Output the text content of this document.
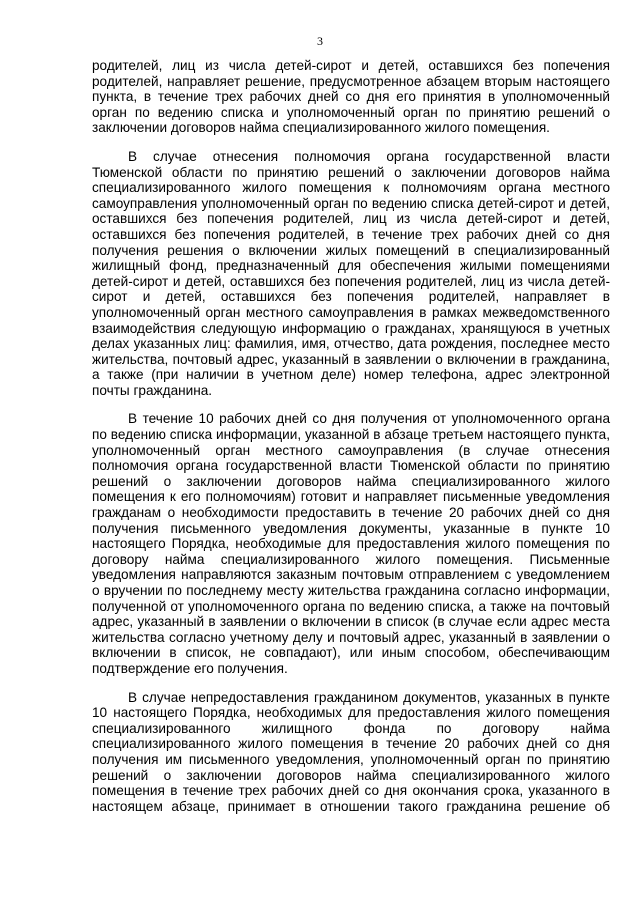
3

родителей, лиц из числа детей-сирот и детей, оставшихся без попечения родителей, направляет решение, предусмотренное абзацем вторым настоящего пункта, в течение трех рабочих дней со дня его принятия в уполномоченный орган по ведению списка и уполномоченный орган по принятию решений о заключении договоров найма специализированного жилого помещения.

В случае отнесения полномочия органа государственной власти Тюменской области по принятию решений о заключении договоров найма специализированного жилого помещения к полномочиям органа местного самоуправления уполномоченный орган по ведению списка детей-сирот и детей, оставшихся без попечения родителей, лиц из числа детей-сирот и детей, оставшихся без попечения родителей, в течение трех рабочих дней со дня получения решения о включении жилых помещений в специализированный жилищный фонд, предназначенный для обеспечения жилыми помещениями детей-сирот и детей, оставшихся без попечения родителей, лиц из числа детей-сирот и детей, оставшихся без попечения родителей, направляет в уполномоченный орган местного самоуправления в рамках межведомственного взаимодействия следующую информацию о гражданах, хранящуюся в учетных делах указанных лиц: фамилия, имя, отчество, дата рождения, последнее место жительства, почтовый адрес, указанный в заявлении о включении в гражданина, а также (при наличии в учетном деле) номер телефона, адрес электронной почты гражданина.

В течение 10 рабочих дней со дня получения от уполномоченного органа по ведению списка информации, указанной в абзаце третьем настоящего пункта, уполномоченный орган местного самоуправления (в случае отнесения полномочия органа государственной власти Тюменской области по принятию решений о заключении договоров найма специализированного жилого помещения к его полномочиям) готовит и направляет письменные уведомления гражданам о необходимости предоставить в течение 20 рабочих дней со дня получения письменного уведомления документы, указанные в пункте 10 настоящего Порядка, необходимые для предоставления жилого помещения по договору найма специализированного жилого помещения. Письменные уведомления направляются заказным почтовым отправлением с уведомлением о вручении по последнему месту жительства гражданина согласно информации, полученной от уполномоченного органа по ведению списка, а также на почтовый адрес, указанный в заявлении о включении в список (в случае если адрес места жительства согласно учетному делу и почтовый адрес, указанный в заявлении о включении в список, не совпадают), или иным способом, обеспечивающим подтверждение его получения.

В случае непредоставления гражданином документов, указанных в пункте 10 настоящего Порядка, необходимых для предоставления жилого помещения специализированного жилищного фонда по договору найма специализированного жилого помещения в течение 20 рабочих дней со дня получения им письменного уведомления, уполномоченный орган по принятию решений о заключении договоров найма специализированного жилого помещения в течение трех рабочих дней со дня окончания срока, указанного в настоящем абзаце, принимает в отношении такого гражданина решение об
